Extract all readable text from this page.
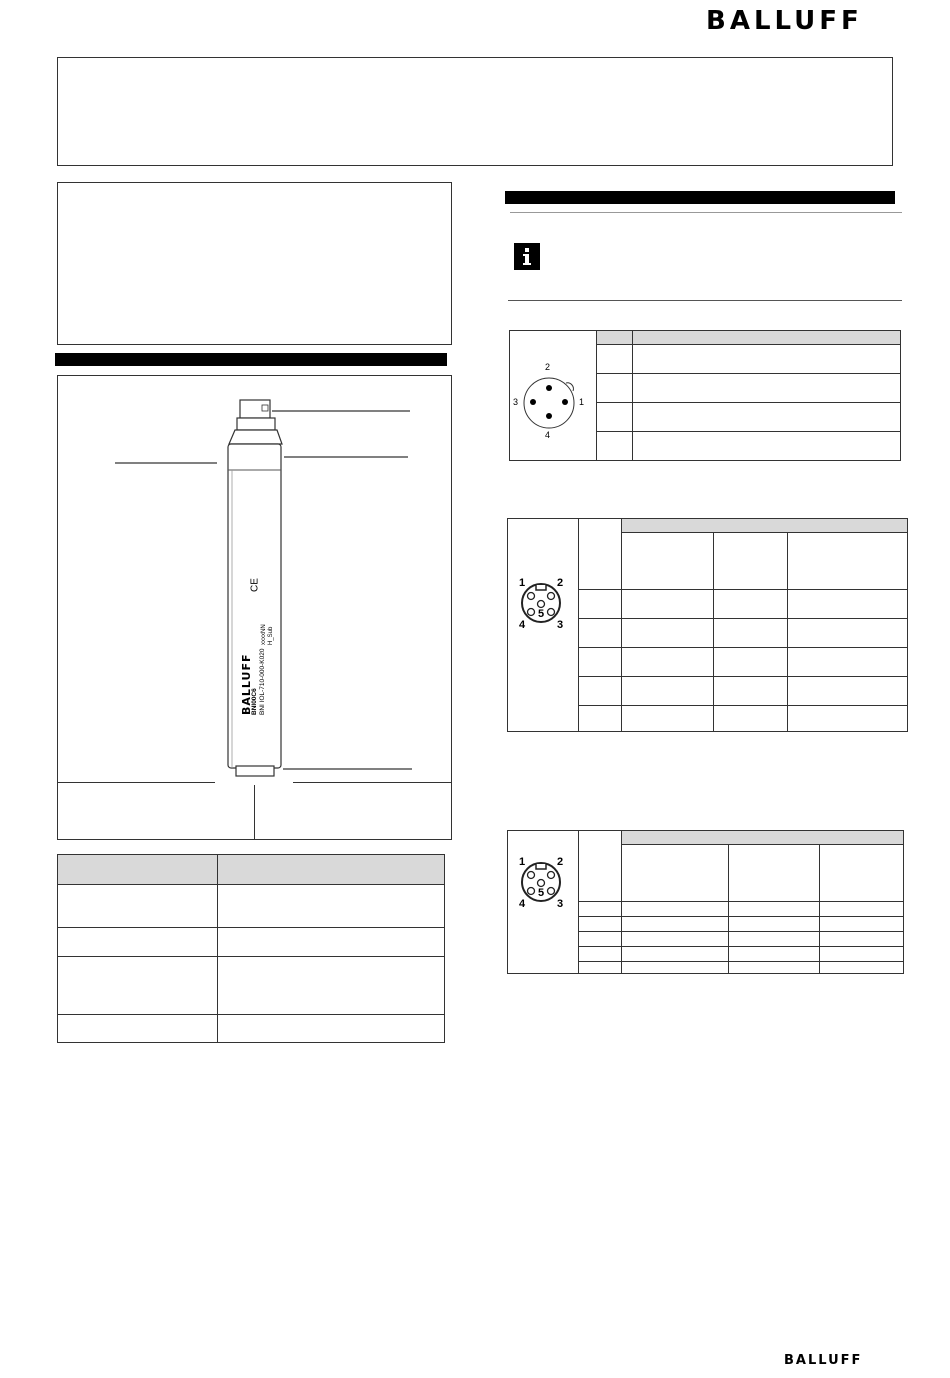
BALLUFF
BALLUFF
BNI00C6 BNI IOL-710-000-K020
xxxxNN H_Sub
CE

2
3	1
4

1	2
4	3
5

1	2
4	3
5
BALLUFF
